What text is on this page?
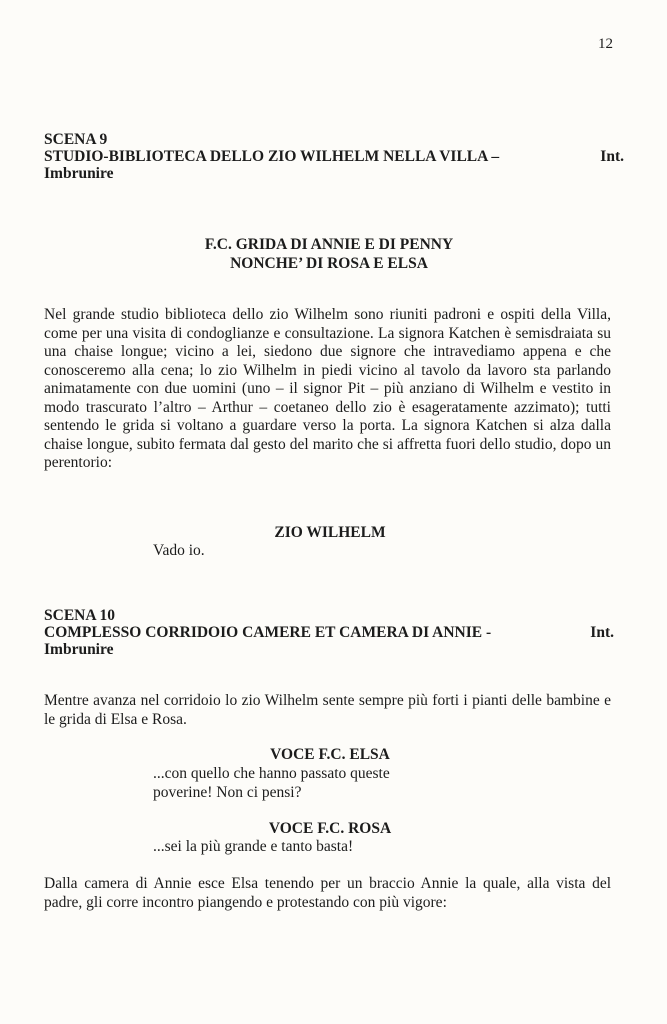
12
SCENA 9
STUDIO-BIBLIOTECA DELLO ZIO WILHELM NELLA VILLA –	Int.
Imbrunire
F.C. GRIDA DI ANNIE E DI PENNY
NONCHE’ DI ROSA E ELSA
Nel grande studio biblioteca dello zio Wilhelm sono riuniti padroni e ospiti della Villa, come per una visita di condoglianze e consultazione. La signora Katchen è semisdraiata su una chaise longue; vicino a lei, siedono due signore che intravediamo appena e che conosceremo alla cena; lo zio Wilhelm in piedi vicino al tavolo da lavoro sta parlando animatamente con due uomini (uno – il signor Pit – più anziano di Wilhelm e vestito in modo trascurato l’altro – Arthur – coetaneo dello zio è esageratamente azzimato); tutti sentendo le grida si voltano a guardare verso la porta. La signora Katchen si alza dalla chaise longue, subito fermata dal gesto del marito che si affretta fuori dello studio, dopo un perentorio:
ZIO WILHELM
Vado io.
SCENA 10
COMPLESSO CORRIDOIO CAMERE ET CAMERA DI ANNIE -	Int.
Imbrunire
Mentre avanza nel corridoio lo zio Wilhelm sente sempre più forti i pianti delle bambine e le grida di Elsa e Rosa.
VOCE F.C. ELSA
...con quello che hanno passato queste
poverine! Non ci pensi?
VOCE F.C. ROSA
...sei la più grande e tanto basta!
Dalla camera di Annie esce Elsa tenendo per un braccio Annie la quale, alla vista del padre, gli corre incontro piangendo e protestando con più vigore:
